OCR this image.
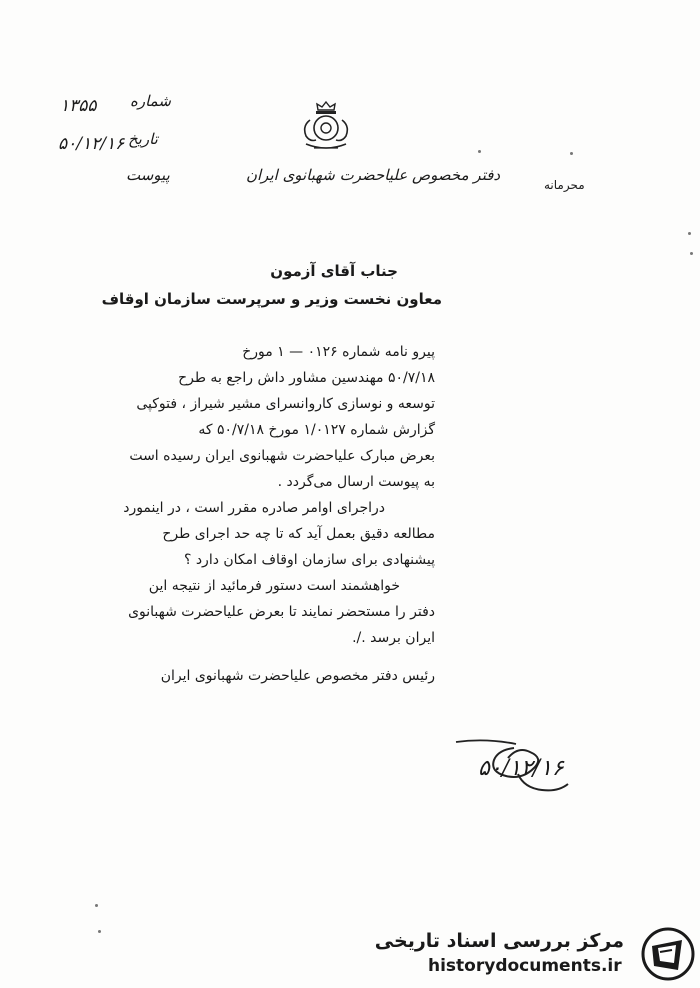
شماره
۱۳۵۵
تاریخ
۵۰/۱۲/۱۶
پیوست	دفتر مخصوص علیاحضرت شهبانوی ایران
محرمانه
جناب آقای آزمون
معاون نخست وزیر و سرپرست سازمان اوقاف
پیرو نامه شماره ۰۱۲۶ — ۱ مورخ
۵۰/۷/۱۸ مهندسین مشاور داش راجع به طرح
توسعه و نوسازی کاروانسرای مشیر شیراز ، فتوکپی
گزارش شماره ۱/۰۱۲۷ مورخ ۵۰/۷/۱۸ که
بعرض مبارک علیاحضرت شهبانوی ایران رسیده است
به پیوست ارسال می‌گردد .
دراجرای اوامر صادره مقرر است ، در اینمورد
مطالعه دقیق بعمل آید که تا چه حد اجرای طرح
پیشنهادی برای سازمان اوقاف امکان دارد ؟
خواهشمند است دستور فرمائید از نتیجه این
دفتر را مستحضر نمایند تا بعرض علیاحضرت شهبانوی
ایران برسد ./.
رئیس دفتر مخصوص علیاحضرت شهبانوی ایران
۵۰/۱۲/۱۶
مرکز بررسی اسناد تاریخی
historydocuments.ir
